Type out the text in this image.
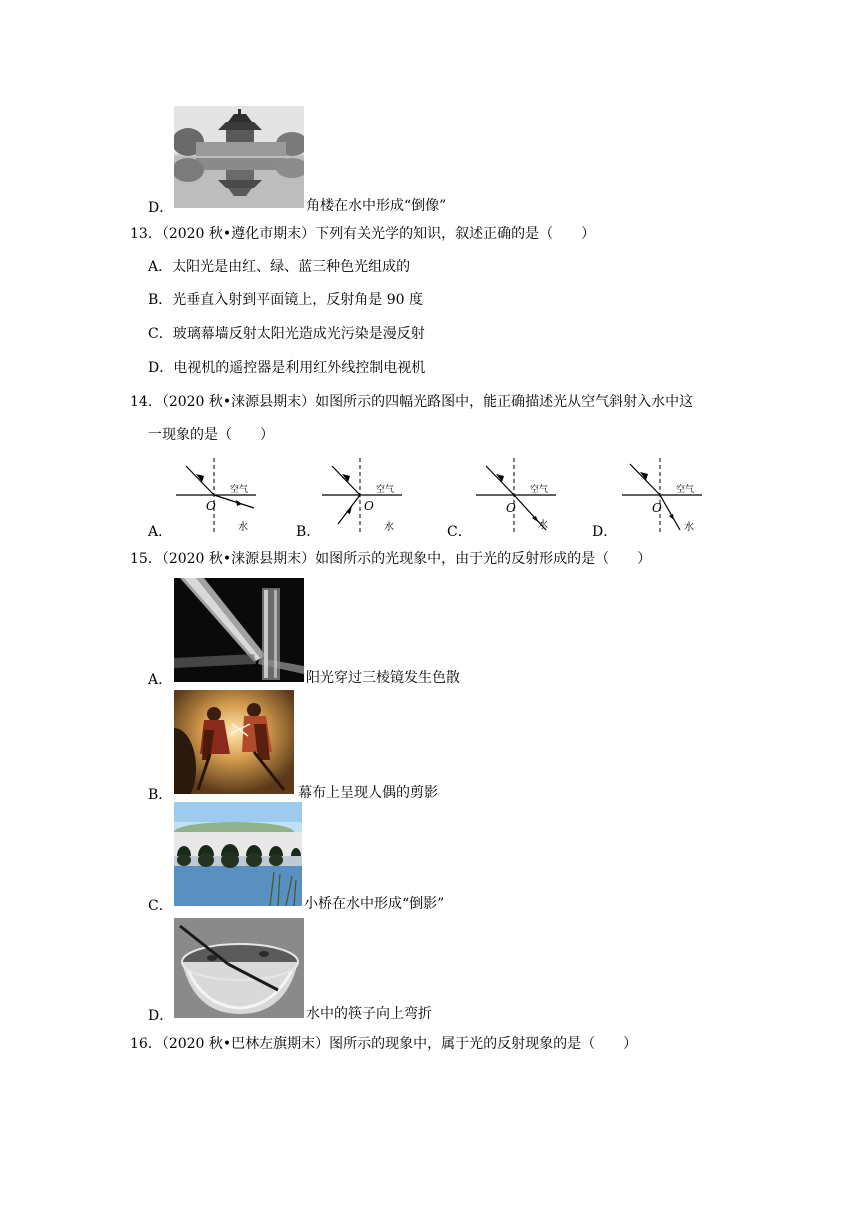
D．	角楼在水中形成“倒像”
13．（2020 秋•遵化市期末）下列有关光学的知识，叙述正确的是（　　）
A．太阳光是由红、绿、蓝三种色光组成的
B．光垂直入射到平面镜上，反射角是 90 度
C．玻璃幕墙反射太阳光造成光污染是漫反射
D．电视机的遥控器是利用红外线控制电视机
14．（2020 秋•涞源县期末）如图所示的四幅光路图中，能正确描述光从空气斜射入水中这
一现象的是（　　）
O
空气
水
A．
O
空气
水
B．
O
空气
水
C．
O
空气
水
D．
15．（2020 秋•涞源县期末）如图所示的光现象中，由于光的反射形成的是（　　）
A．	阳光穿过三棱镜发生色散
B．	幕布上呈现人偶的剪影
C．	小桥在水中形成“倒影”
D．	水中的筷子向上弯折
16．（2020 秋•巴林左旗期末）图所示的现象中，属于光的反射现象的是（　　）
